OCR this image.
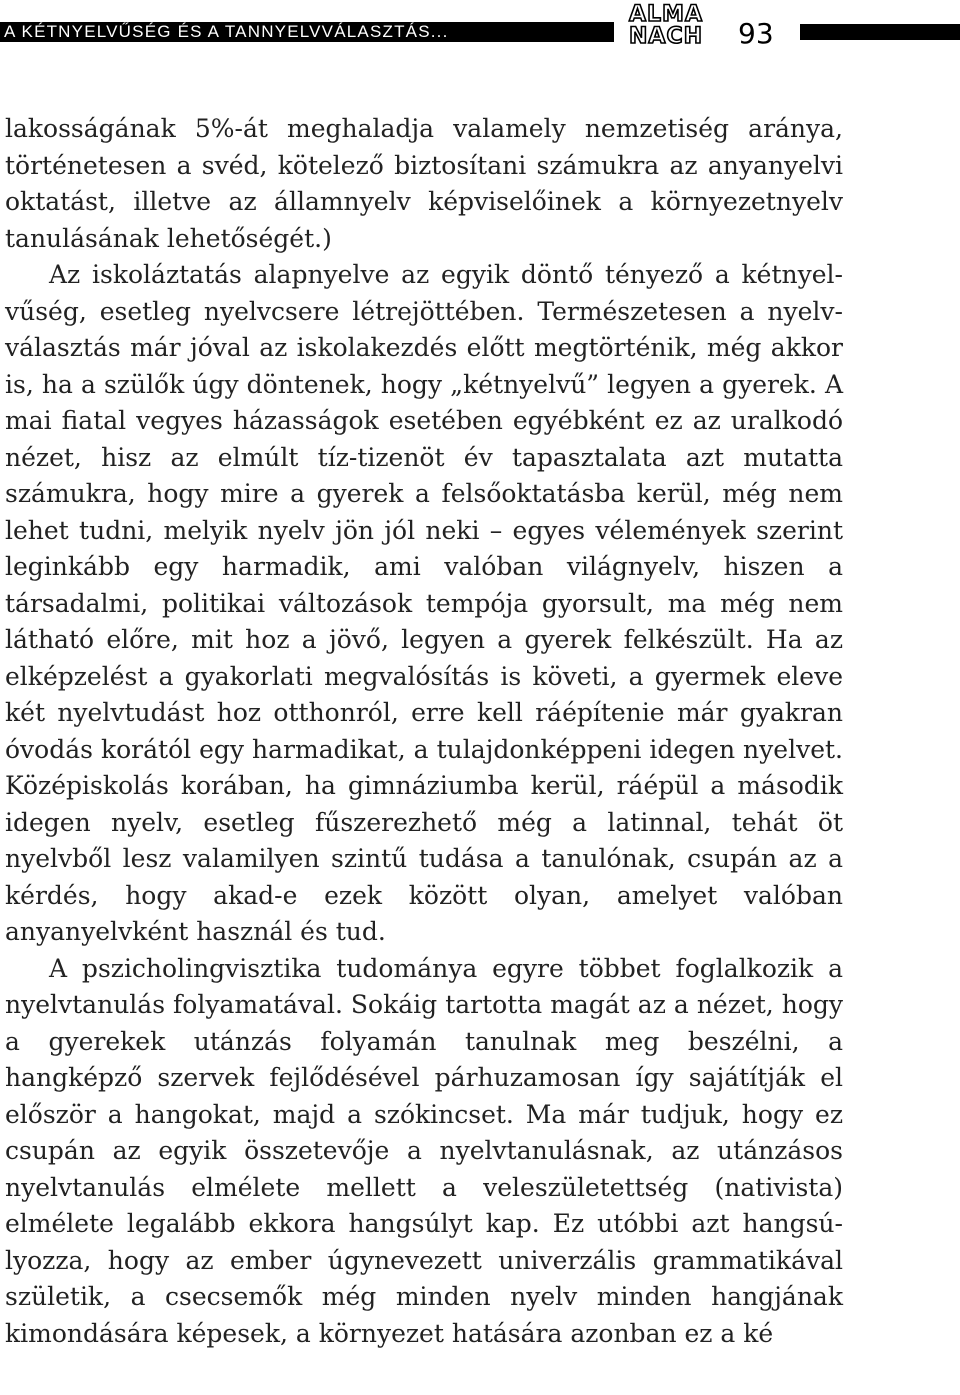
A KÉTNYELVŰSÉG ÉS A TANNYELVVÁLASZTÁS...
ALMA
NACH	93

lakosságának 5%-át meghaladja valamely nemzetiség aránya, történetesen a svéd, kötelező biztosítani számukra az anyanyelvi oktatást, illetve az államnyelv képviselőinek a környezetnyelv tanulásának lehetőségét.)

Az iskoláztatás alapnyelve az egyik döntő tényező a kétnyelvűség, esetleg nyelvcsere létrejöttében. Természetesen a nyelvválasztás már jóval az iskolakezdés előtt megtörténik, még akkor is, ha a szülők úgy döntenek, hogy „kétnyelvű” legyen a gyerek. A mai fiatal vegyes házasságok esetében egyébként ez az uralkodó nézet, hisz az elmúlt tíz-tizenöt év tapasztalata azt mutatta számukra, hogy mire a gyerek a felsőoktatásba kerül, még nem lehet tudni, melyik nyelv jön jól neki – egyes vélemények szerint leginkább egy harmadik, ami valóban világnyelv, hiszen a társadalmi, politikai változások tempója gyorsult, ma még nem látható előre, mit hoz a jövő, legyen a gyerek felkészült. Ha az elképzelést a gyakorlati megvalósítás is követi, a gyermek eleve két nyelvtudást hoz otthonról, erre kell ráépítenie már gyakran óvodás korától egy harmadikat, a tulajdonképpeni idegen nyelvet. Középiskolás korában, ha gimnáziumba kerül, ráépül a második idegen nyelv, esetleg fűszerezhető még a latinnal, tehát öt nyelvből lesz valamilyen szintű tudása a tanulónak, csupán az a kérdés, hogy akad-e ezek között olyan, amelyet valóban anyanyelvként használ és tud.

A pszicholingvisztika tudománya egyre többet foglalkozik a nyelvtanulás folyamatával. Sokáig tartotta magát az a nézet, hogy a gyerekek utánzás folyamán tanulnak meg beszélni, a hangképző szervek fejlődésével párhuzamosan így sajátítják el először a hangokat, majd a szókincset. Ma már tudjuk, hogy ez csupán az egyik összetevője a nyelvtanulásnak, az utánzásos nyelvtanulás elmélete mellett a veleszületettség (nativista) elmélete legalább ekkora hangsúlyt kap. Ez utóbbi azt hangsúlyozza, hogy az ember úgynevezett univerzális grammatikával születik, a csecsemők még minden nyelv minden hangjának kimondására képesek, a környezet hatására azonban ez a ké
